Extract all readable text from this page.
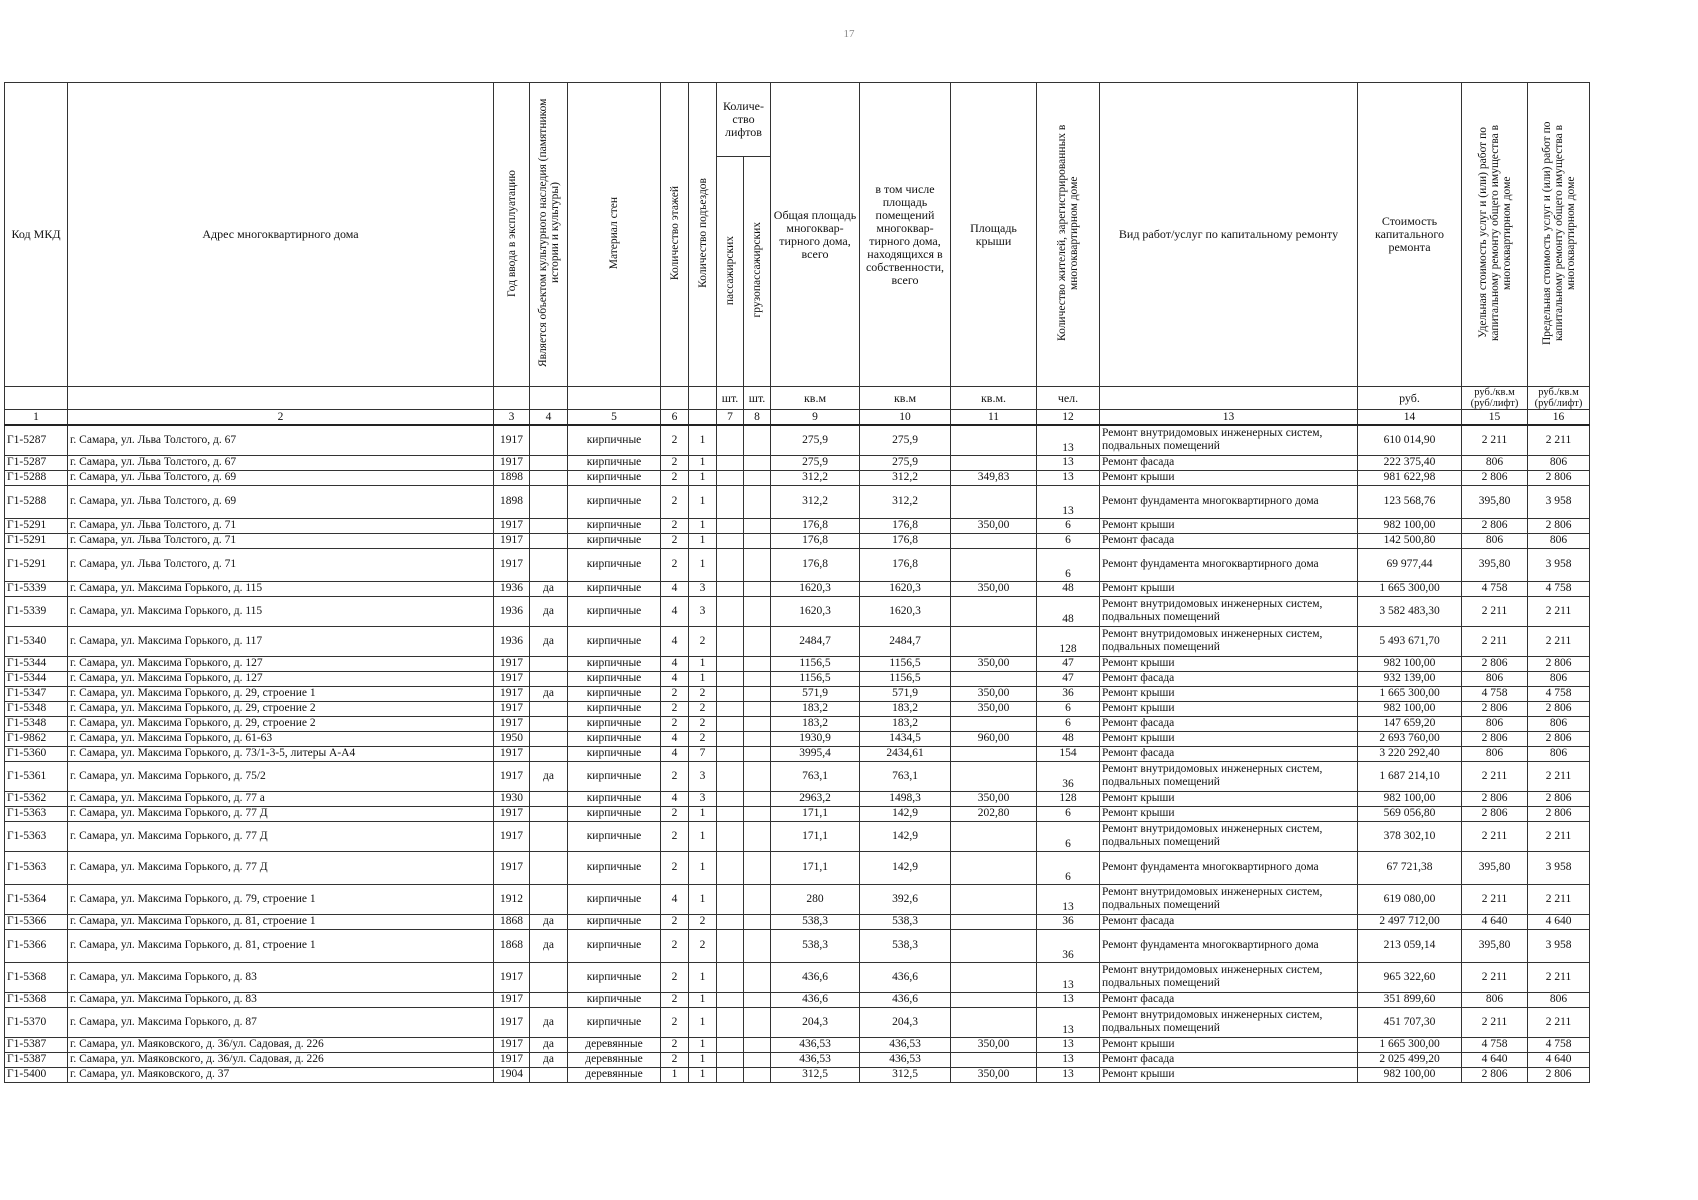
17
Код МКД	Адрес многоквартирного дома	Год ввода в эксплуатацию	Является объектом культурного наследия (памятником истории и культуры)	Материал стен	Количество этажей	Количество подъездов	Количе-ство лифтов		Общая площадь многоквар-тирного дома, всего	в том числе площадь помещений многоквар-тирного дома, находящихся в собственности, всего	Площадь крыши	Количество жителей, зарегистрированных в многоквартирном доме	Вид работ/услуг по капитальному ремонту	Стоимость капитального ремонта	Удельная стоимость услуг и (или) работ по капитальному ремонту общего имущества в многоквартирном доме	Предельная стоимость услуг и (или) работ по капитальному ремонту общего имущества в многоквартирном доме
							пассажирских	грузопассажирских								
							шт.	шт.	кв.м	кв.м	кв.м.	чел.		руб.	руб./кв.м (руб/лифт)	руб./кв.м (руб/лифт)
1	2	3	4	5	6		7	8	9	10	11	12	13	14	15	16
Г1-5287	г. Самара, ул. Льва Толстого, д. 67	1917		кирпичные	2	1			275,9	275,9		13	Ремонт внутридомовых инженерных систем, подвальных помещений	610 014,90	2 211	2 211
Г1-5287	г. Самара, ул. Льва Толстого, д. 67	1917		кирпичные	2	1			275,9	275,9		13	Ремонт фасада	222 375,40	806	806
Г1-5288	г. Самара, ул. Льва Толстого, д. 69	1898		кирпичные	2	1			312,2	312,2	349,83	13	Ремонт крыши	981 622,98	2 806	2 806
Г1-5288	г. Самара, ул. Льва Толстого, д. 69	1898		кирпичные	2	1			312,2	312,2		13	Ремонт фундамента многоквартирного дома	123 568,76	395,80	3 958
Г1-5291	г. Самара, ул. Льва Толстого, д. 71	1917		кирпичные	2	1			176,8	176,8	350,00	6	Ремонт крыши	982 100,00	2 806	2 806
Г1-5291	г. Самара, ул. Льва Толстого, д. 71	1917		кирпичные	2	1			176,8	176,8		6	Ремонт фасада	142 500,80	806	806
Г1-5291	г. Самара, ул. Льва Толстого, д. 71	1917		кирпичные	2	1			176,8	176,8		6	Ремонт фундамента многоквартирного дома	69 977,44	395,80	3 958
Г1-5339	г. Самара, ул. Максима Горького, д. 115	1936	да	кирпичные	4	3			1620,3	1620,3	350,00	48	Ремонт крыши	1 665 300,00	4 758	4 758
Г1-5339	г. Самара, ул. Максима Горького, д. 115	1936	да	кирпичные	4	3			1620,3	1620,3		48	Ремонт внутридомовых инженерных систем, подвальных помещений	3 582 483,30	2 211	2 211
Г1-5340	г. Самара, ул. Максима Горького, д. 117	1936	да	кирпичные	4	2			2484,7	2484,7		128	Ремонт внутридомовых инженерных систем, подвальных помещений	5 493 671,70	2 211	2 211
Г1-5344	г. Самара, ул. Максима Горького, д. 127	1917		кирпичные	4	1			1156,5	1156,5	350,00	47	Ремонт крыши	982 100,00	2 806	2 806
Г1-5344	г. Самара, ул. Максима Горького, д. 127	1917		кирпичные	4	1			1156,5	1156,5		47	Ремонт фасада	932 139,00	806	806
Г1-5347	г. Самара, ул. Максима Горького, д. 29, строение 1	1917	да	кирпичные	2	2			571,9	571,9	350,00	36	Ремонт крыши	1 665 300,00	4 758	4 758
Г1-5348	г. Самара, ул. Максима Горького, д. 29, строение 2	1917		кирпичные	2	2			183,2	183,2	350,00	6	Ремонт крыши	982 100,00	2 806	2 806
Г1-5348	г. Самара, ул. Максима Горького, д. 29, строение 2	1917		кирпичные	2	2			183,2	183,2		6	Ремонт фасада	147 659,20	806	806
Г1-9862	г. Самара, ул. Максима Горького, д. 61-63	1950		кирпичные	4	2			1930,9	1434,5	960,00	48	Ремонт крыши	2 693 760,00	2 806	2 806
Г1-5360	г. Самара, ул. Максима Горького, д. 73/1-3-5, литеры А-А4	1917		кирпичные	4	7			3995,4	2434,61		154	Ремонт фасада	3 220 292,40	806	806
Г1-5361	г. Самара, ул. Максима Горького, д. 75/2	1917	да	кирпичные	2	3			763,1	763,1		36	Ремонт внутридомовых инженерных систем, подвальных помещений	1 687 214,10	2 211	2 211
Г1-5362	г. Самара, ул. Максима Горького, д. 77 а	1930		кирпичные	4	3			2963,2	1498,3	350,00	128	Ремонт крыши	982 100,00	2 806	2 806
Г1-5363	г. Самара, ул. Максима Горького, д. 77 Д	1917		кирпичные	2	1			171,1	142,9	202,80	6	Ремонт крыши	569 056,80	2 806	2 806
Г1-5363	г. Самара, ул. Максима Горького, д. 77 Д	1917		кирпичные	2	1			171,1	142,9		6	Ремонт внутридомовых инженерных систем, подвальных помещений	378 302,10	2 211	2 211
Г1-5363	г. Самара, ул. Максима Горького, д. 77 Д	1917		кирпичные	2	1			171,1	142,9		6	Ремонт фундамента многоквартирного дома	67 721,38	395,80	3 958
Г1-5364	г. Самара, ул. Максима Горького, д. 79, строение 1	1912		кирпичные	4	1			280	392,6		13	Ремонт внутридомовых инженерных систем, подвальных помещений	619 080,00	2 211	2 211
Г1-5366	г. Самара, ул. Максима Горького, д. 81, строение 1	1868	да	кирпичные	2	2			538,3	538,3		36	Ремонт фасада	2 497 712,00	4 640	4 640
Г1-5366	г. Самара, ул. Максима Горького, д. 81, строение 1	1868	да	кирпичные	2	2			538,3	538,3		36	Ремонт фундамента многоквартирного дома	213 059,14	395,80	3 958
Г1-5368	г. Самара, ул. Максима Горького, д. 83	1917		кирпичные	2	1			436,6	436,6		13	Ремонт внутридомовых инженерных систем, подвальных помещений	965 322,60	2 211	2 211
Г1-5368	г. Самара, ул. Максима Горького, д. 83	1917		кирпичные	2	1			436,6	436,6		13	Ремонт фасада	351 899,60	806	806
Г1-5370	г. Самара, ул. Максима Горького, д. 87	1917	да	кирпичные	2	1			204,3	204,3		13	Ремонт внутридомовых инженерных систем, подвальных помещений	451 707,30	2 211	2 211
Г1-5387	г. Самара, ул. Маяковского, д. 36/ул. Садовая, д. 226	1917	да	деревянные	2	1			436,53	436,53	350,00	13	Ремонт крыши	1 665 300,00	4 758	4 758
Г1-5387	г. Самара, ул. Маяковского, д. 36/ул. Садовая, д. 226	1917	да	деревянные	2	1			436,53	436,53		13	Ремонт фасада	2 025 499,20	4 640	4 640
Г1-5400	г. Самара, ул. Маяковского, д. 37	1904		деревянные	1	1			312,5	312,5	350,00	13	Ремонт крыши	982 100,00	2 806	2 806
